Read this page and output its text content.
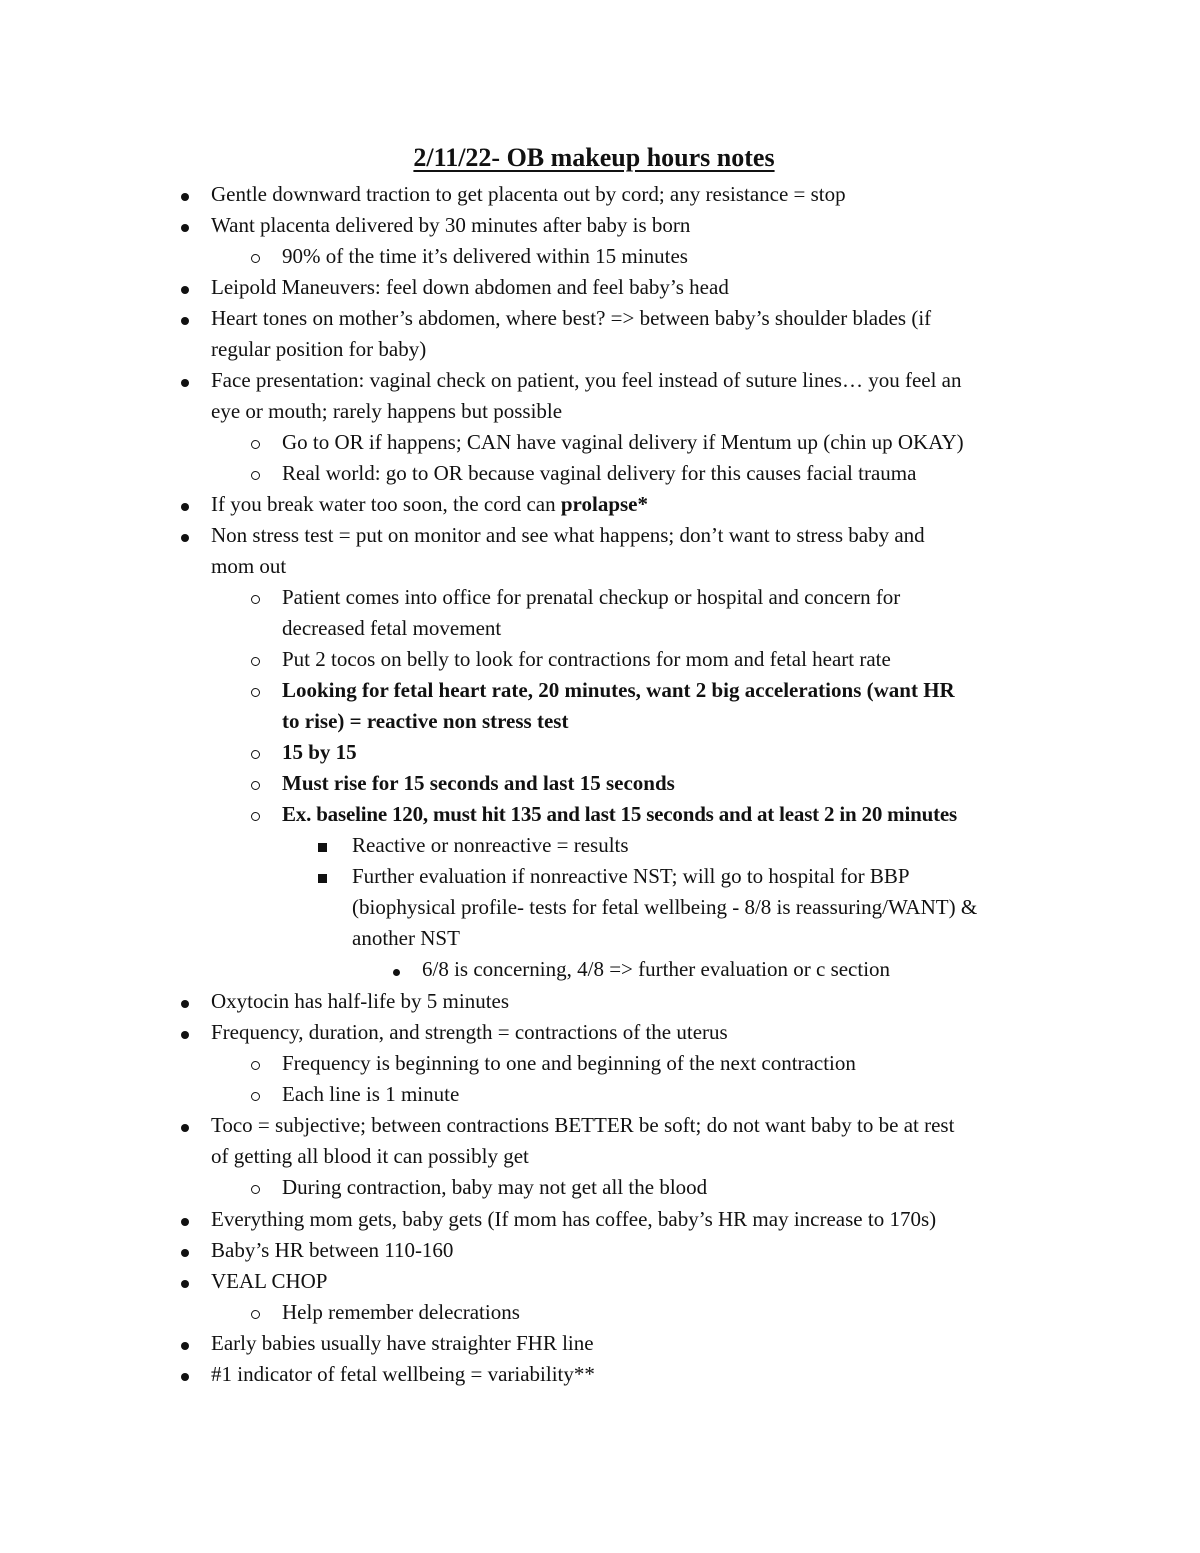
2/11/22- OB makeup hours notes
Gentle downward traction to get placenta out by cord; any resistance = stop
Want placenta delivered by 30 minutes after baby is born
90% of the time it’s delivered within 15 minutes
Leipold Maneuvers: feel down abdomen and feel baby’s head
Heart tones on mother’s abdomen, where best? => between baby’s shoulder blades (if
regular position for baby)
Face presentation: vaginal check on patient, you feel instead of suture lines… you feel an
eye or mouth; rarely happens but possible
Go to OR if happens; CAN have vaginal delivery if Mentum up (chin up OKAY)
Real world: go to OR because vaginal delivery for this causes facial trauma
If you break water too soon, the cord can prolapse*
Non stress test = put on monitor and see what happens; don’t want to stress baby and
mom out
Patient comes into office for prenatal checkup or hospital and concern for
decreased fetal movement
Put 2 tocos on belly to look for contractions for mom and fetal heart rate
Looking for fetal heart rate, 20 minutes, want 2 big accelerations (want HR
to rise) = reactive non stress test
15 by 15
Must rise for 15 seconds and last 15 seconds
Ex. baseline 120, must hit 135 and last 15 seconds and at least 2 in 20 minutes
Reactive or nonreactive = results
Further evaluation if nonreactive NST; will go to hospital for BBP
(biophysical profile- tests for fetal wellbeing - 8/8 is reassuring/WANT) &
another NST
6/8 is concerning, 4/8 => further evaluation or c section
Oxytocin has half-life by 5 minutes
Frequency, duration, and strength = contractions of the uterus
Frequency is beginning to one and beginning of the next contraction
Each line is 1 minute
Toco = subjective; between contractions BETTER be soft; do not want baby to be at rest
of getting all blood it can possibly get
During contraction, baby may not get all the blood
Everything mom gets, baby gets (If mom has coffee, baby’s HR may increase to 170s)
Baby’s HR between 110-160
VEAL CHOP
Help remember delecrations
Early babies usually have straighter FHR line
#1 indicator of fetal wellbeing = variability**
